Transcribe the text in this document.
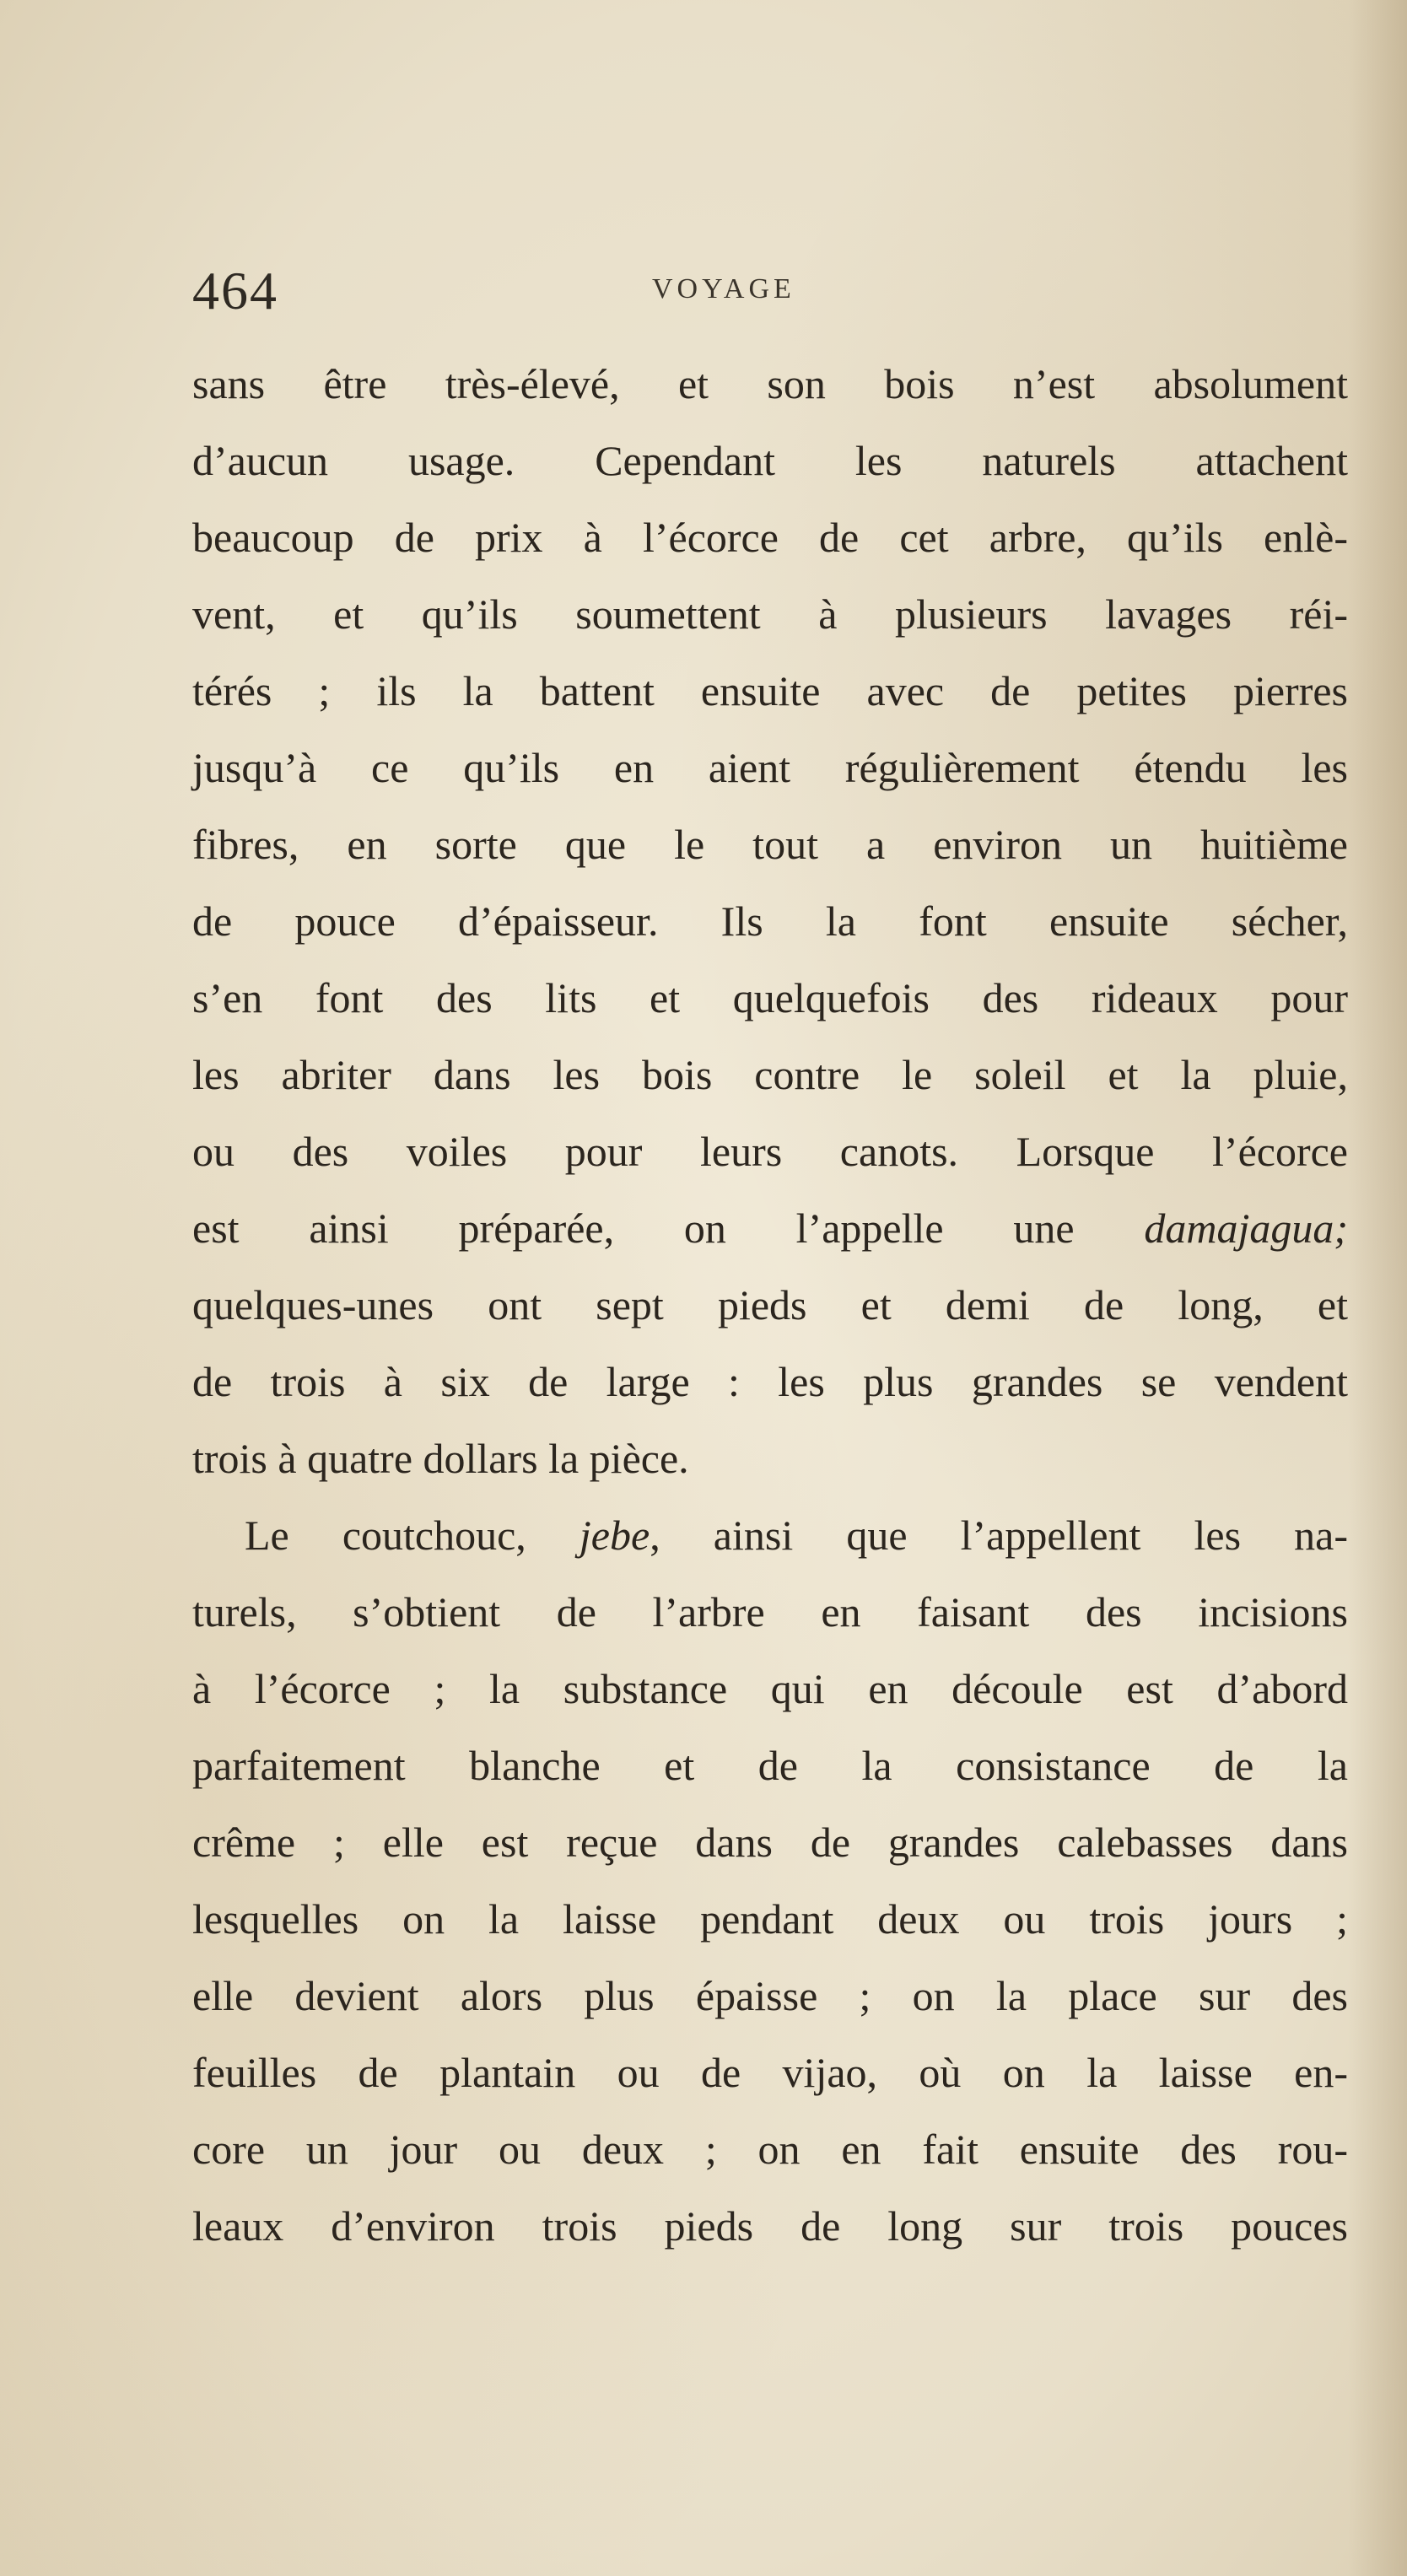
464	VOYAGE
sans être très-élevé, et son bois n’est absolument
d’aucun usage. Cependant les naturels attachent
beaucoup de prix à l’écorce de cet arbre, qu’ils enlè-
vent, et qu’ils soumettent à plusieurs lavages réi-
térés ; ils la battent ensuite avec de petites pierres
jusqu’à ce qu’ils en aient régulièrement étendu les
fibres, en sorte que le tout a environ un huitième
de pouce d’épaisseur. Ils la font ensuite sécher,
s’en font des lits et quelquefois des rideaux pour
les abriter dans les bois contre le soleil et la pluie,
ou des voiles pour leurs canots. Lorsque l’écorce
est ainsi préparée, on l’appelle une damajagua;
quelques-unes ont sept pieds et demi de long, et
de trois à six de large : les plus grandes se vendent
trois à quatre dollars la pièce.
Le coutchouc, jebe, ainsi que l’appellent les na-
turels, s’obtient de l’arbre en faisant des incisions
à l’écorce ; la substance qui en découle est d’abord
parfaitement blanche et de la consistance de la
crême ; elle est reçue dans de grandes calebasses dans
lesquelles on la laisse pendant deux ou trois jours ;
elle devient alors plus épaisse ; on la place sur des
feuilles de plantain ou de vijao, où on la laisse en-
core un jour ou deux ; on en fait ensuite des rou-
leaux d’environ trois pieds de long sur trois pouces
